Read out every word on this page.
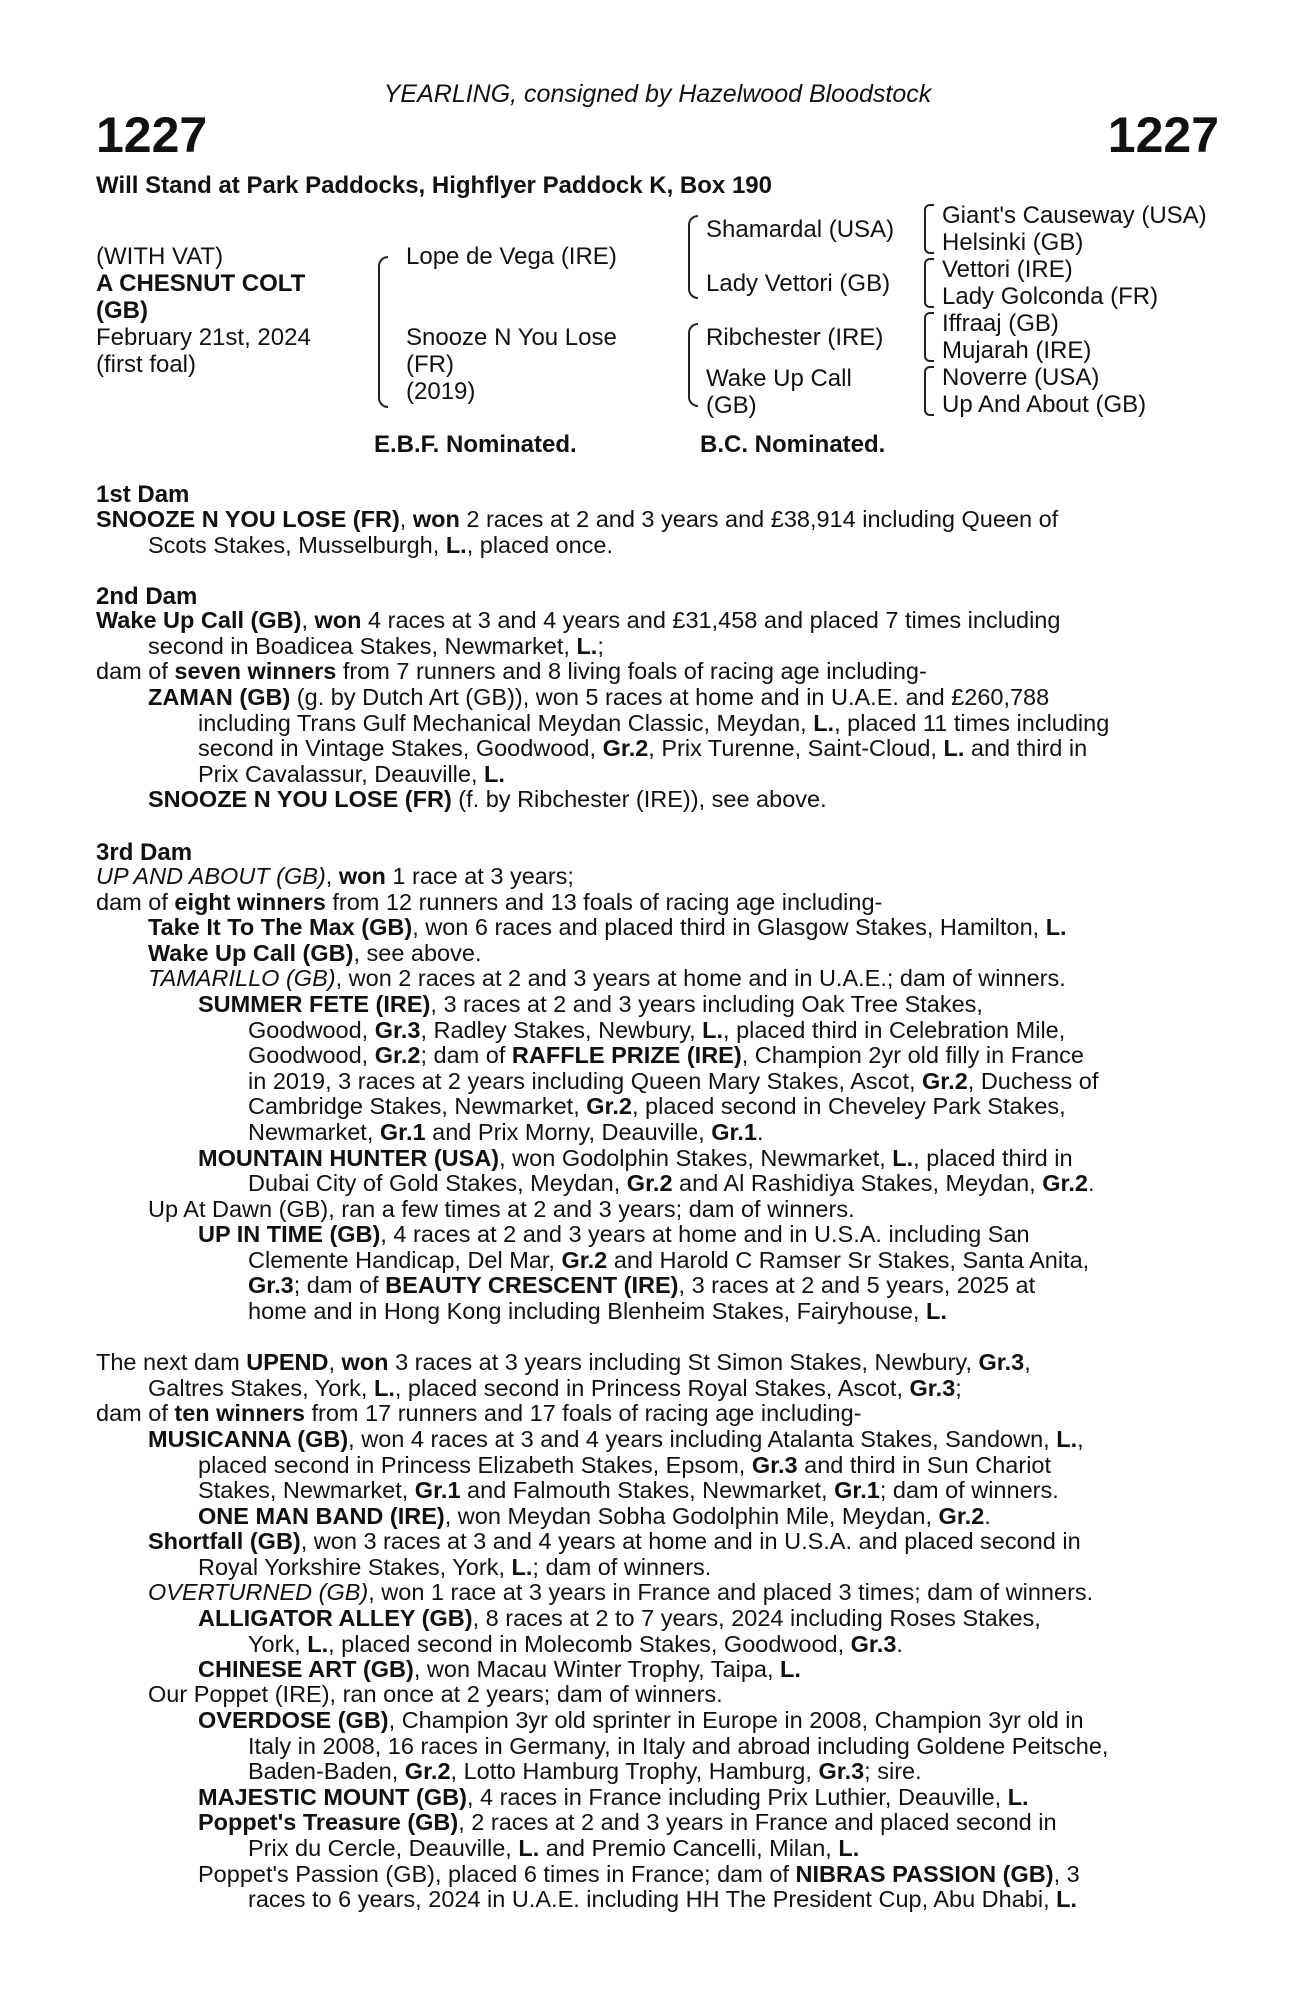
YEARLING, consigned by Hazelwood Bloodstock
1227	1227
Will Stand at Park Paddocks, Highflyer Paddock K, Box 190
(WITH VAT)
A CHESNUT COLT
(GB)
February 21st, 2024
(first foal)
Lope de Vega (IRE)
Snooze N You Lose
(FR)
(2019)
Shamardal (USA)
Lady Vettori (GB)
Ribchester (IRE)
Wake Up Call
(GB)
Giant's Causeway (USA)
Helsinki (GB)
Vettori (IRE)
Lady Golconda (FR)
Iffraaj (GB)
Mujarah (IRE)
Noverre (USA)
Up And About (GB)
E.B.F. Nominated.	B.C. Nominated.
1st Dam
SNOOZE N YOU LOSE (FR), won 2 races at 2 and 3 years and £38,914 including Queen of
Scots Stakes, Musselburgh, L., placed once.
2nd Dam
Wake Up Call (GB), won 4 races at 3 and 4 years and £31,458 and placed 7 times including
second in Boadicea Stakes, Newmarket, L.;
dam of seven winners from 7 runners and 8 living foals of racing age including-
ZAMAN (GB) (g. by Dutch Art (GB)), won 5 races at home and in U.A.E. and £260,788
including Trans Gulf Mechanical Meydan Classic, Meydan, L., placed 11 times including
second in Vintage Stakes, Goodwood, Gr.2, Prix Turenne, Saint-Cloud, L. and third in
Prix Cavalassur, Deauville, L.
SNOOZE N YOU LOSE (FR) (f. by Ribchester (IRE)), see above.
3rd Dam
UP AND ABOUT (GB), won 1 race at 3 years;
dam of eight winners from 12 runners and 13 foals of racing age including-
Take It To The Max (GB), won 6 races and placed third in Glasgow Stakes, Hamilton, L.
Wake Up Call (GB), see above.
TAMARILLO (GB), won 2 races at 2 and 3 years at home and in U.A.E.; dam of winners.
SUMMER FETE (IRE), 3 races at 2 and 3 years including Oak Tree Stakes,
Goodwood, Gr.3, Radley Stakes, Newbury, L., placed third in Celebration Mile,
Goodwood, Gr.2; dam of RAFFLE PRIZE (IRE), Champion 2yr old filly in France
in 2019, 3 races at 2 years including Queen Mary Stakes, Ascot, Gr.2, Duchess of
Cambridge Stakes, Newmarket, Gr.2, placed second in Cheveley Park Stakes,
Newmarket, Gr.1 and Prix Morny, Deauville, Gr.1.
MOUNTAIN HUNTER (USA), won Godolphin Stakes, Newmarket, L., placed third in
Dubai City of Gold Stakes, Meydan, Gr.2 and Al Rashidiya Stakes, Meydan, Gr.2.
Up At Dawn (GB), ran a few times at 2 and 3 years; dam of winners.
UP IN TIME (GB), 4 races at 2 and 3 years at home and in U.S.A. including San
Clemente Handicap, Del Mar, Gr.2 and Harold C Ramser Sr Stakes, Santa Anita,
Gr.3; dam of BEAUTY CRESCENT (IRE), 3 races at 2 and 5 years, 2025 at
home and in Hong Kong including Blenheim Stakes, Fairyhouse, L.
The next dam UPEND, won 3 races at 3 years including St Simon Stakes, Newbury, Gr.3,
Galtres Stakes, York, L., placed second in Princess Royal Stakes, Ascot, Gr.3;
dam of ten winners from 17 runners and 17 foals of racing age including-
MUSICANNA (GB), won 4 races at 3 and 4 years including Atalanta Stakes, Sandown, L.,
placed second in Princess Elizabeth Stakes, Epsom, Gr.3 and third in Sun Chariot
Stakes, Newmarket, Gr.1 and Falmouth Stakes, Newmarket, Gr.1; dam of winners.
ONE MAN BAND (IRE), won Meydan Sobha Godolphin Mile, Meydan, Gr.2.
Shortfall (GB), won 3 races at 3 and 4 years at home and in U.S.A. and placed second in
Royal Yorkshire Stakes, York, L.; dam of winners.
OVERTURNED (GB), won 1 race at 3 years in France and placed 3 times; dam of winners.
ALLIGATOR ALLEY (GB), 8 races at 2 to 7 years, 2024 including Roses Stakes,
York, L., placed second in Molecomb Stakes, Goodwood, Gr.3.
CHINESE ART (GB), won Macau Winter Trophy, Taipa, L.
Our Poppet (IRE), ran once at 2 years; dam of winners.
OVERDOSE (GB), Champion 3yr old sprinter in Europe in 2008, Champion 3yr old in
Italy in 2008, 16 races in Germany, in Italy and abroad including Goldene Peitsche,
Baden-Baden, Gr.2, Lotto Hamburg Trophy, Hamburg, Gr.3; sire.
MAJESTIC MOUNT (GB), 4 races in France including Prix Luthier, Deauville, L.
Poppet's Treasure (GB), 2 races at 2 and 3 years in France and placed second in
Prix du Cercle, Deauville, L. and Premio Cancelli, Milan, L.
Poppet's Passion (GB), placed 6 times in France; dam of NIBRAS PASSION (GB), 3
races to 6 years, 2024 in U.A.E. including HH The President Cup, Abu Dhabi, L.
